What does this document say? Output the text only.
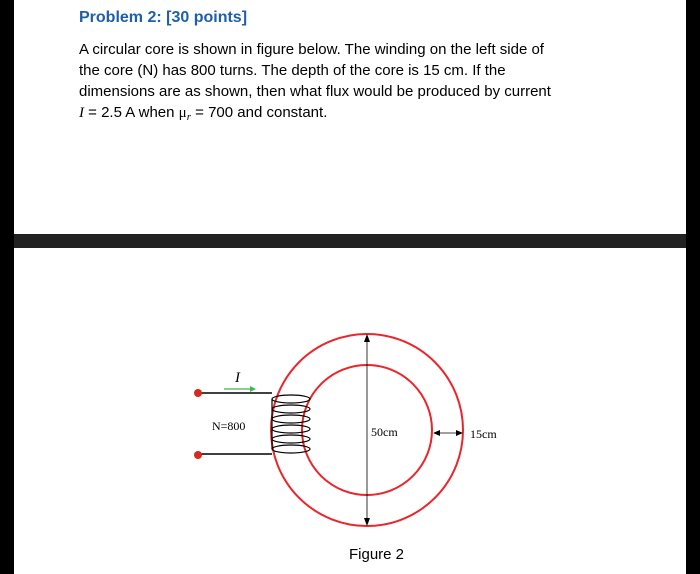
Problem 2: [30 points]

A circular core is shown in figure below. The winding on the left side of
the core (N) has 800 turns. The depth of the core is 15 cm. If the
dimensions are as shown, then what flux would be produced by current
I = 2.5 A when $\mu_r = 700$ and constant.

50cm	15cm
I
N=800

Figure 2
